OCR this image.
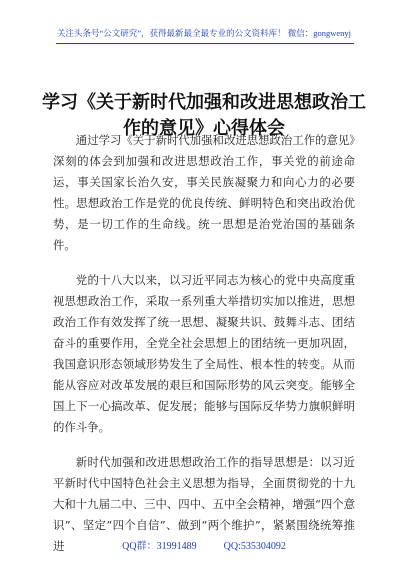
关注头条号“公文研究”，获得最新最全最专业的公文资料库！ 微信：gongwenyj
学习《关于新时代加强和改进思想政治工作的意见》心得体会

通过学习《关于新时代加强和改进思想政治工作的意见》深刻的体会到加强和改进思想政治工作，事关党的前途命运，事关国家长治久安，事关民族凝聚力和向心力的必要性。思想政治工作是党的优良传统、鲜明特色和突出政治优势，是一切工作的生命线。统一思想是治党治国的基础条件。

党的十八大以来，以习近平同志为核心的党中央高度重视思想政治工作，采取一系列重大举措切实加以推进，思想政治工作有效发挥了统一思想、凝聚共识、鼓舞斗志、团结奋斗的重要作用，全党全社会思想上的团结统一更加巩固，我国意识形态领域形势发生了全局性、根本性的转变。从而能从容应对改革发展的艰巨和国际形势的风云突变。能够全国上下一心搞改革、促发展；能够与国际反华势力旗帜鲜明的作斗争。

新时代加强和改进思想政治工作的指导思想是：以习近平新时代中国特色社会主义思想为指导，全面贯彻党的十九大和十九届二中、三中、四中、五中全会精神，增强“四个意识”、坚定“四个自信”、做到“两个维护”，紧紧围绕统筹推进	QQ群：31991489	QQ:535304092
